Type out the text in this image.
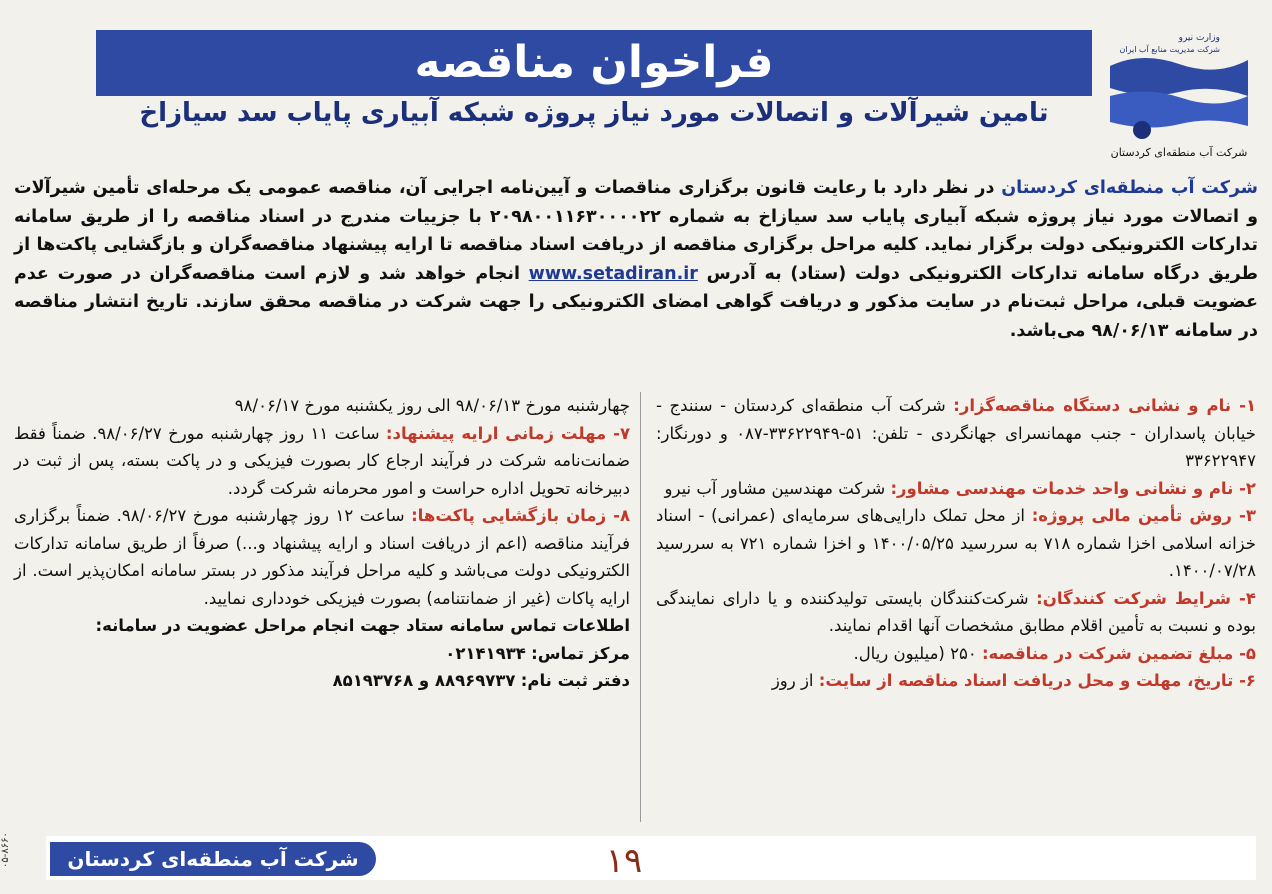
فراخوان مناقصه
تامین شیرآلات و اتصالات مورد نیاز پروژه شبکه آبیاری پایاب سد سیازاخ
وزارت نیرو
شرکت مدیریت منابع آب ایران
شرکت آب منطقه‌ای کردستان
شرکت آب منطقه‌ای کردستان در نظر دارد با رعایت قانون برگزاری مناقصات و آیین‌نامه اجرایی آن، مناقصه عمومی یک مرحله‌ای تأمین شیرآلات و اتصالات مورد نیاز پروژه شبکه آبیاری پایاب سد سیازاخ به شماره ۲۰۹۸۰۰۱۱۶۳۰۰۰۰۲۲ با جزییات مندرج در اسناد مناقصه را از طریق سامانه تدارکات الکترونیکی دولت برگزار نماید. کلیه مراحل برگزاری مناقصه از دریافت اسناد مناقصه تا ارایه پیشنهاد مناقصه‌گران و بازگشایی پاکت‌ها از طریق درگاه سامانه تدارکات الکترونیکی دولت (ستاد) به آدرس www.setadiran.ir انجام خواهد شد و لازم است مناقصه‌گران در صورت عدم عضویت قبلی، مراحل ثبت‌نام در سایت مذکور و دریافت گواهی امضای الکترونیکی را جهت شرکت در مناقصه محقق سازند. تاریخ انتشار مناقصه در سامانه ۹۸/۰۶/۱۳ می‌باشد.

۱- نام و نشانی دستگاه مناقصه‌گزار: شرکت آب منطقه‌ای کردستان - سنندج - خیابان پاسداران - جنب مهمانسرای جهانگردی - تلفن: ۵۱-۳۳۶۲۲۹۴۹-۰۸۷ و دورنگار: ۳۳۶۲۲۹۴۷

۲- نام و نشانی واحد خدمات مهندسی مشاور: شرکت مهندسین مشاور آب نیرو

۳- روش تأمین مالی پروژه: از محل تملک دارایی‌های سرمایه‌ای (عمرانی) - اسناد خزانه اسلامی اخزا شماره ۷۱۸ به سررسید ۱۴۰۰/۰۵/۲۵ و اخزا شماره ۷۲۱ به سررسید ۱۴۰۰/۰۷/۲۸.

۴- شرایط شرکت کنندگان: شرکت‌کنندگان بایستی تولیدکننده و یا دارای نمایندگی بوده و نسبت به تأمین اقلام مطابق مشخصات آنها اقدام نمایند.

۵- مبلغ تضمین شرکت در مناقصه: ۲۵۰ (میلیون ریال.

۶- تاریخ، مهلت و محل دریافت اسناد مناقصه از سایت: از روز

چهارشنبه مورخ ۹۸/۰۶/۱۳ الی روز یکشنبه مورخ ۹۸/۰۶/۱۷

۷- مهلت زمانی ارایه پیشنهاد: ساعت ۱۱ روز چهارشنبه مورخ ۹۸/۰۶/۲۷. ضمناً فقط ضمانت‌نامه شرکت در فرآیند ارجاع کار بصورت فیزیکی و در پاکت بسته، پس از ثبت در دبیرخانه تحویل اداره حراست و امور محرمانه شرکت گردد.

۸- زمان بازگشایی پاکت‌ها: ساعت ۱۲ روز چهارشنبه مورخ ۹۸/۰۶/۲۷. ضمناً برگزاری فرآیند مناقصه (اعم از دریافت اسناد و ارایه پیشنهاد و...) صرفاً از طریق سامانه تدارکات الکترونیکی دولت می‌باشد و کلیه مراحل فرآیند مذکور در بستر سامانه امکان‌پذیر است. از ارایه پاکات (غیر از ضمانتنامه) بصورت فیزیکی خودداری نمایید.

اطلاعات تماس سامانه ستاد جهت انجام مراحل عضویت در سامانه:

مرکز تماس: ۰۲۱۴۱۹۳۴

دفتر ثبت نام: ۸۸۹۶۹۷۳۷ و ۸۵۱۹۳۷۶۸

شرکت آب منطقه‌ای کردستان	۱۹
۰۵-۸۶۶۰
